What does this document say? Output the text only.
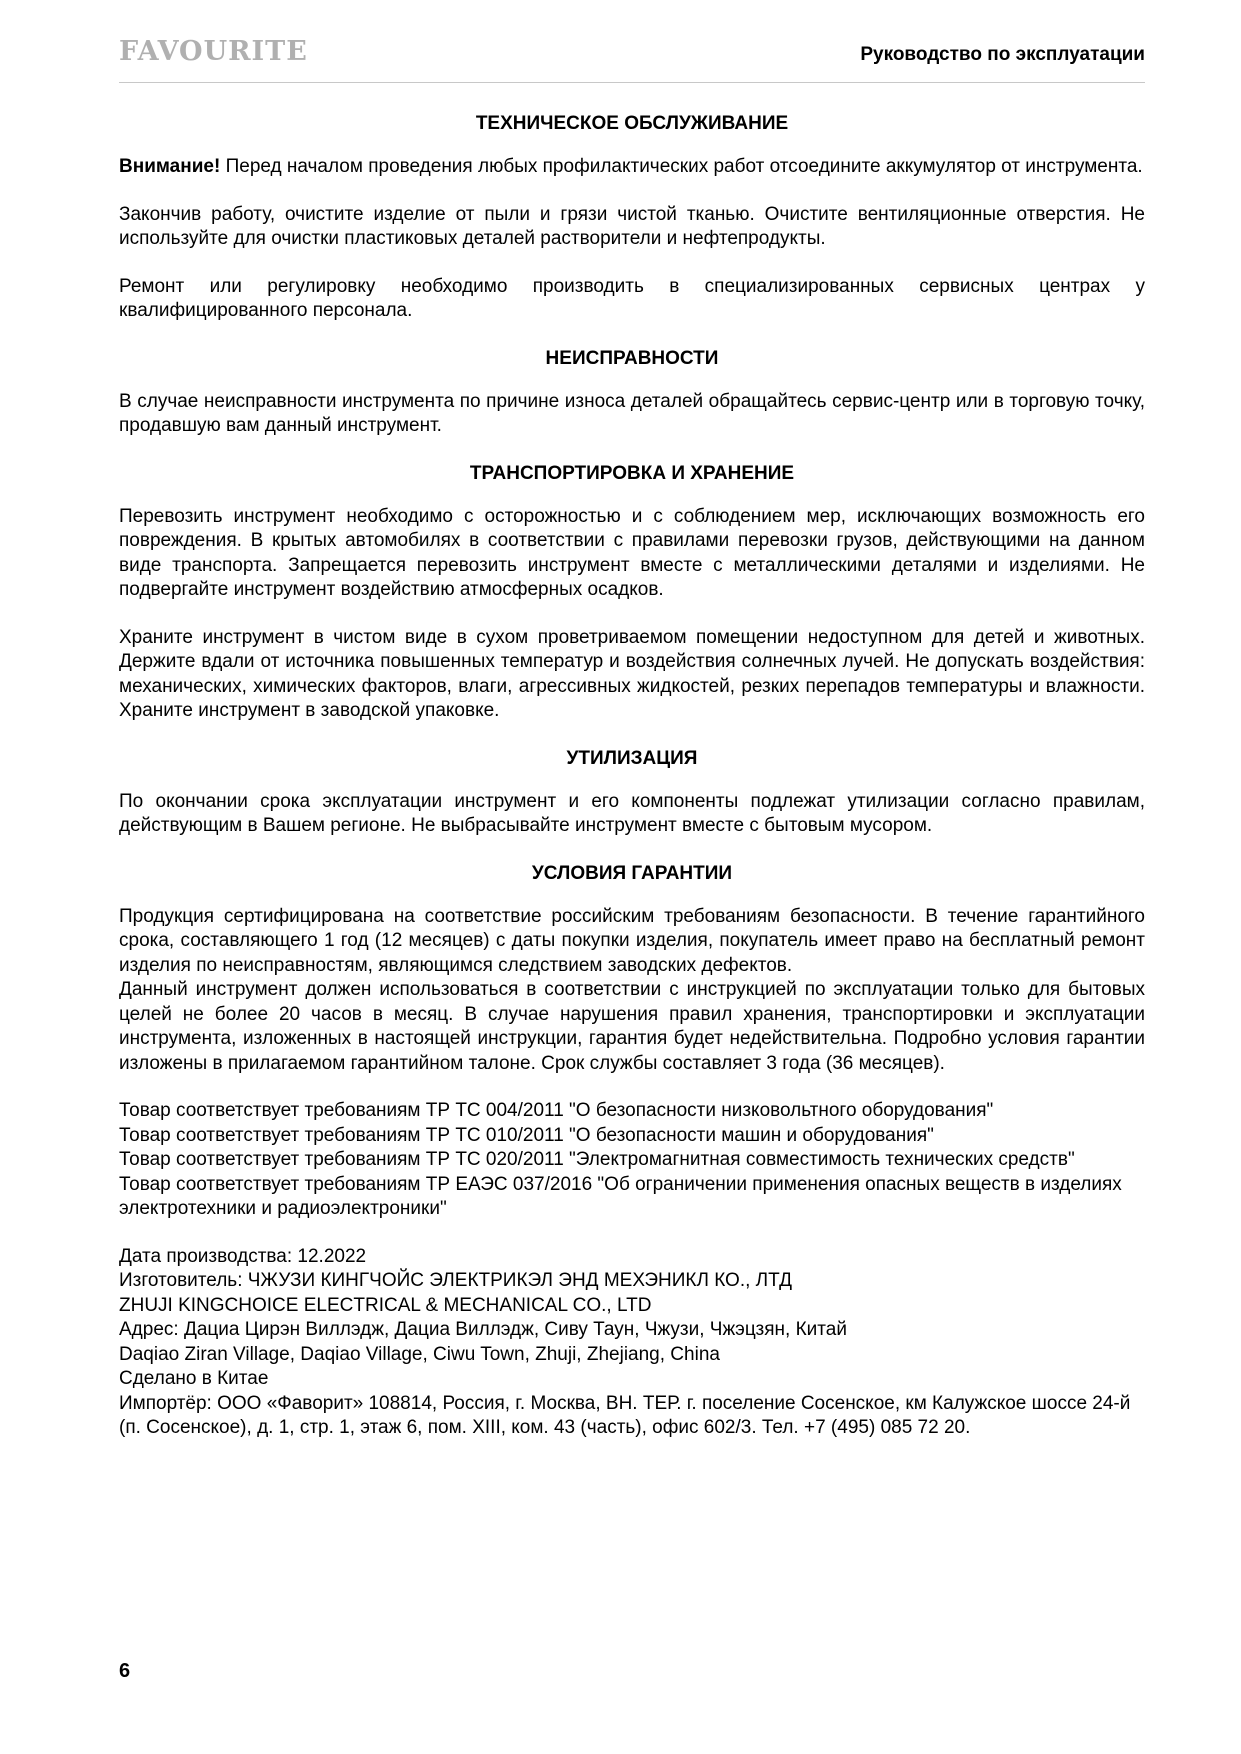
FAVOURITE	Руководство по эксплуатации
ТЕХНИЧЕСКОЕ ОБСЛУЖИВАНИЕ

Внимание! Перед началом проведения любых профилактических работ отсоедините аккумулятор от инструмента.

Закончив работу, очистите изделие от пыли и грязи чистой тканью. Очистите вентиляционные отверстия. Не используйте для очистки пластиковых деталей растворители и нефтепродукты.

Ремонт или регулировку необходимо производить в специализированных сервисных центрах у квалифицированного персонала.

НЕИСПРАВНОСТИ

В случае неисправности инструмента по причине износа деталей обращайтесь сервис-центр или в торговую точку, продавшую вам данный инструмент.

ТРАНСПОРТИРОВКА И ХРАНЕНИЕ

Перевозить инструмент необходимо с осторожностью и с соблюдением мер, исключающих возможность его повреждения. В крытых автомобилях в соответствии с правилами перевозки грузов, действующими на данном виде транспорта. Запрещается перевозить инструмент вместе с металлическими деталями и изделиями. Не подвергайте инструмент воздействию атмосферных осадков.

Храните инструмент в чистом виде в сухом проветриваемом помещении недоступном для детей и животных. Держите вдали от источника повышенных температур и воздействия солнечных лучей. Не допускать воздействия: механических, химических факторов, влаги, агрессивных жидкостей, резких перепадов температуры и влажности. Храните инструмент в заводской упаковке.

УТИЛИЗАЦИЯ

По окончании срока эксплуатации инструмент и его компоненты подлежат утилизации согласно правилам, действующим в Вашем регионе. Не выбрасывайте инструмент вместе с бытовым мусором.

УСЛОВИЯ ГАРАНТИИ

Продукция сертифицирована на соответствие российским требованиям безопасности. В течение гарантийного срока, составляющего 1 год (12 месяцев) с даты покупки изделия, покупатель имеет право на бесплатный ремонт изделия по неисправностям, являющимся следствием заводских дефектов.

Данный инструмент должен использоваться в соответствии с инструкцией по эксплуатации только для бытовых целей не более 20 часов в месяц. В случае нарушения правил хранения, транспортировки и эксплуатации инструмента, изложенных в настоящей инструкции, гарантия будет недействительна. Подробно условия гарантии изложены в прилагаемом гарантийном талоне. Срок службы составляет 3 года (36 месяцев).

Товар соответствует требованиям ТР ТС 004/2011 "О безопасности низковольтного оборудования"

Товар соответствует требованиям ТР ТС 010/2011 "О безопасности машин и оборудования"

Товар соответствует требованиям ТР ТС 020/2011 "Электромагнитная совместимость технических средств"

Товар соответствует требованиям ТР ЕАЭС 037/2016 "Об ограничении применения опасных веществ в изделиях электротехники и радиоэлектроники"

Дата производства: 12.2022

Изготовитель: ЧЖУЗИ КИНГЧОЙС ЭЛЕКТРИКЭЛ ЭНД МЕХЭНИКЛ КО., ЛТД

ZHUJI KINGCHOICE ELECTRICAL & MECHANICAL CO., LTD

Адрес: Дациа Цирэн Виллэдж, Дациа Виллэдж, Сиву Таун, Чжузи, Чжэцзян, Китай

Daqiao Ziran Village, Daqiao Village, Ciwu Town, Zhuji, Zhejiang, China

Сделано в Китае

Импортёр: ООО «Фаворит» 108814, Россия, г. Москва, ВН. ТЕР. г. поселение Сосенское, км Калужское шоссе 24-й (п. Сосенское), д. 1, стр. 1, этаж 6, пом. XIII, ком. 43 (часть), офис 602/3. Тел. +7 (495) 085 72 20.

6
